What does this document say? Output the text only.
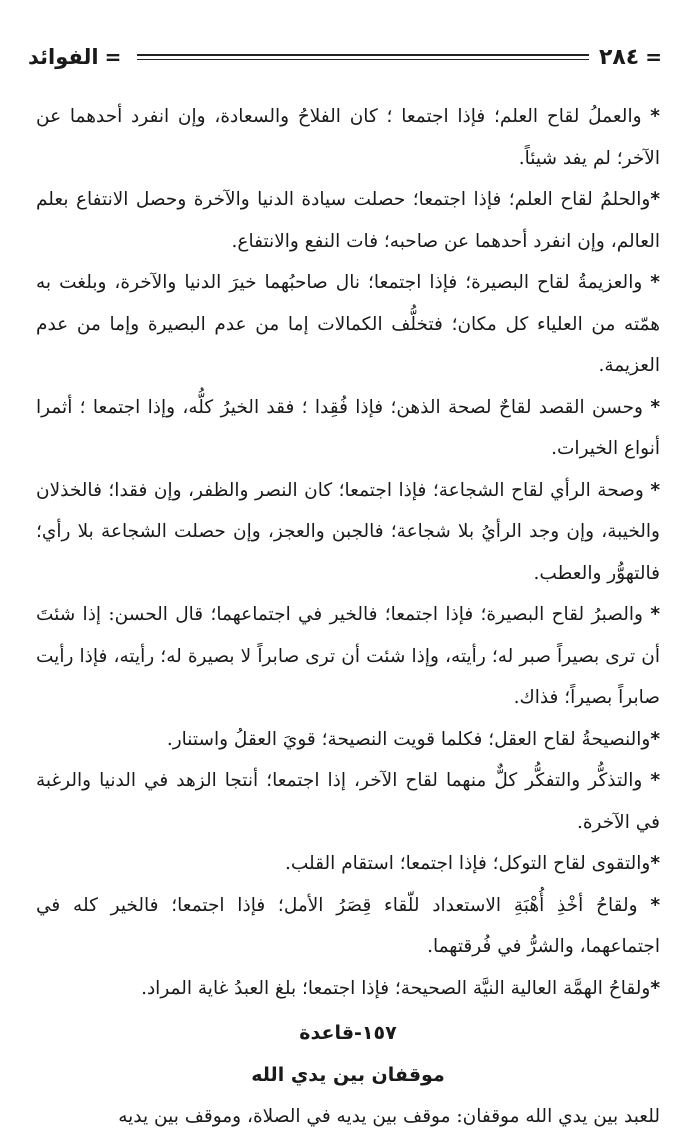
الفوائد =	٢٨٤ =

* والعملُ لقاح العلم؛ فإذا اجتمعا ؛ كان الفلاحُ والسعادة، وإن انفرد أحدهما عن الآخر؛ لم يفد شيئاً.

*والحلمُ لقاح العلم؛ فإذا اجتمعا؛ حصلت سيادة الدنيا والآخرة وحصل الانتفاع بعلم العالم، وإن انفرد أحدهما عن صاحبه؛ فات النفع والانتفاع.

* والعزيمةُ لقاح البصيرة؛ فإذا اجتمعا؛ نال صاحبُهما خيرَ الدنيا والآخرة، وبلغت به همّته من العلياء كل مكان؛ فتخلُّف الكمالات إما من عدم البصيرة وإما من عدم العزيمة.

* وحسن القصد لقاحٌ لصحة الذهن؛ فإذا فُقِدا ؛ فقد الخيرُ كلُّه، وإذا اجتمعا ؛ أثمرا أنواع الخيرات.

* وصحة الرأي لقاح الشجاعة؛ فإذا اجتمعا؛ كان النصر والظفر، وإن فقدا؛ فالخذلان والخيبة، وإن وجد الرأيُ بلا شجاعة؛ فالجبن والعجز، وإن حصلت الشجاعة بلا رأي؛ فالتهوُّر والعطب.

* والصبرُ لقاح البصيرة؛ فإذا اجتمعا؛ فالخير في اجتماعهما؛ قال الحسن: إذا شئتَ أن ترى بصيراً صبر له؛ رأيته، وإذا شئت أن ترى صابراً لا بصيرة له؛ رأيته، فإذا رأيت صابراً بصيراً؛ فذاك.

*والنصيحةُ لقاح العقل؛ فكلما قويت النصيحة؛ قويَ العقلُ واستنار.

* والتذكُّر والتفكُّر كلٌّ منهما لقاح الآخر، إذا اجتمعا؛ أنتجا الزهد في الدنيا والرغبة في الآخرة.

*والتقوى لقاح التوكل؛ فإذا اجتمعا؛ استقام القلب.

* ولقاحُ أخْذِ أُهْبَةِ الاستعداد للّقاء قِصَرُ الأمل؛ فإذا اجتمعا؛ فالخير كله في اجتماعهما، والشرُّ في فُرقتهما.

*ولقاحُ الهمَّة العالية النيَّة الصحيحة؛ فإذا اجتمعا؛ بلغ العبدُ غاية المراد.

١٥٧-قاعدة
موقفان بين يدي الله

للعبد بين يدي الله موقفان: موقف بين يديه في الصلاة، وموقف بين يديه
